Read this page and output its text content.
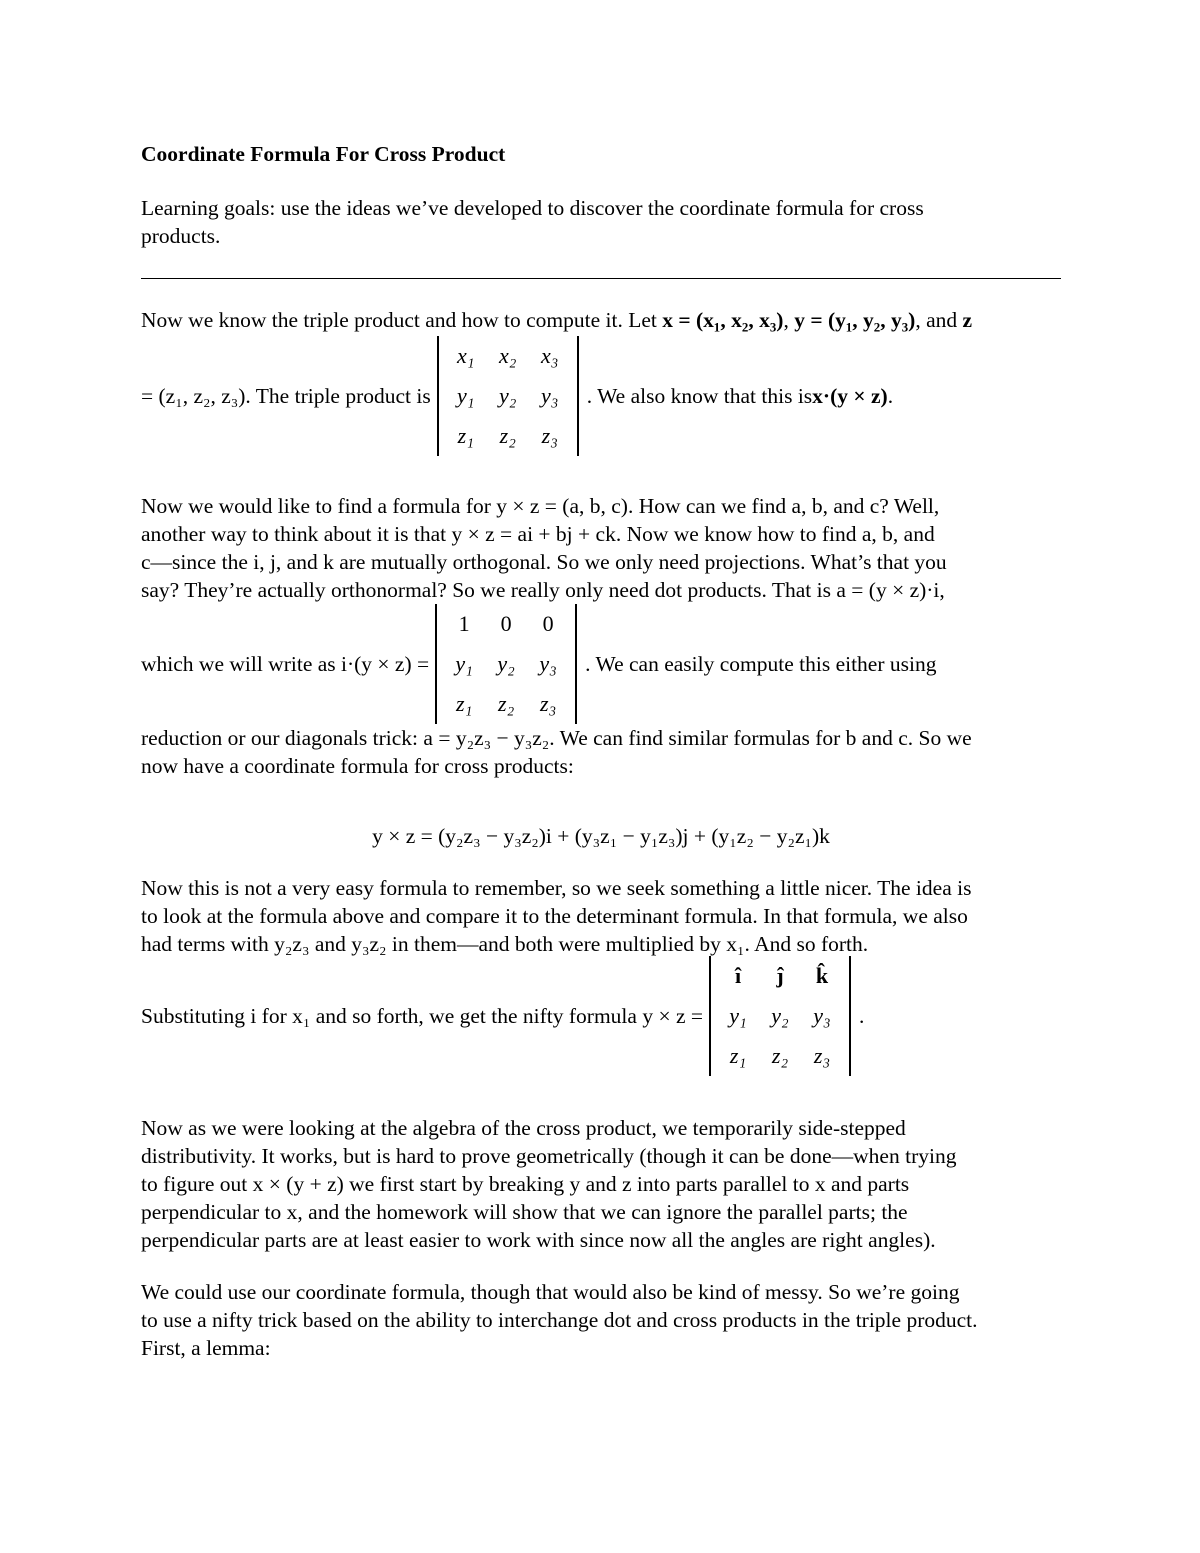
Coordinate Formula For Cross Product

Learning goals: use the ideas we’ve developed to discover the coordinate formula for cross

products.

Now we know the triple product and how to compute it. Let x = (x₁, x₂, x₃), y = (y₁, y₂, y₃), and z

= (z₁, z₂, z₃). The triple product is
x₁	x₂	x₃
y₁	y₂	y₃
z₁	z₂	z₃
. We also know that this is x·(y × z) .

Now we would like to find a formula for y × z = (a, b, c). How can we find a, b, and c? Well,

another way to think about it is that y × z = ai + bj + ck. Now we know how to find a, b, and

c—since the i, j, and k are mutually orthogonal. So we only need projections. What’s that you

say? They’re actually orthonormal? So we really only need dot products. That is a = (y × z)·i,

which we will write as i·(y × z) =
1	0	0
y₁	y₂	y₃
z₁	z₂	z₃
. We can easily compute this either using

reduction or our diagonals trick: a = y₂z₃ − y₃z₂. We can find similar formulas for b and c. So we

now have a coordinate formula for cross products:

y × z = (y₂z₃ − y₃z₂)i + (y₃z₁ − y₁z₃)j + (y₁z₂ − y₂z₁)k

Now this is not a very easy formula to remember, so we seek something a little nicer. The idea is

to look at the formula above and compare it to the determinant formula. In that formula, we also

had terms with y₂z₃ and y₃z₂ in them—and both were multiplied by x₁. And so forth.

Substituting i for x₁ and so forth, we get the nifty formula y × z =
î	ĵ	k̂
y₁	y₂	y₃
z₁	z₂	z₃
.

Now as we were looking at the algebra of the cross product, we temporarily side-stepped

distributivity. It works, but is hard to prove geometrically (though it can be done—when trying

to figure out x × (y + z) we first start by breaking y and z into parts parallel to x and parts

perpendicular to x, and the homework will show that we can ignore the parallel parts; the

perpendicular parts are at least easier to work with since now all the angles are right angles).

We could use our coordinate formula, though that would also be kind of messy. So we’re going

to use a nifty trick based on the ability to interchange dot and cross products in the triple product.

First, a lemma:
